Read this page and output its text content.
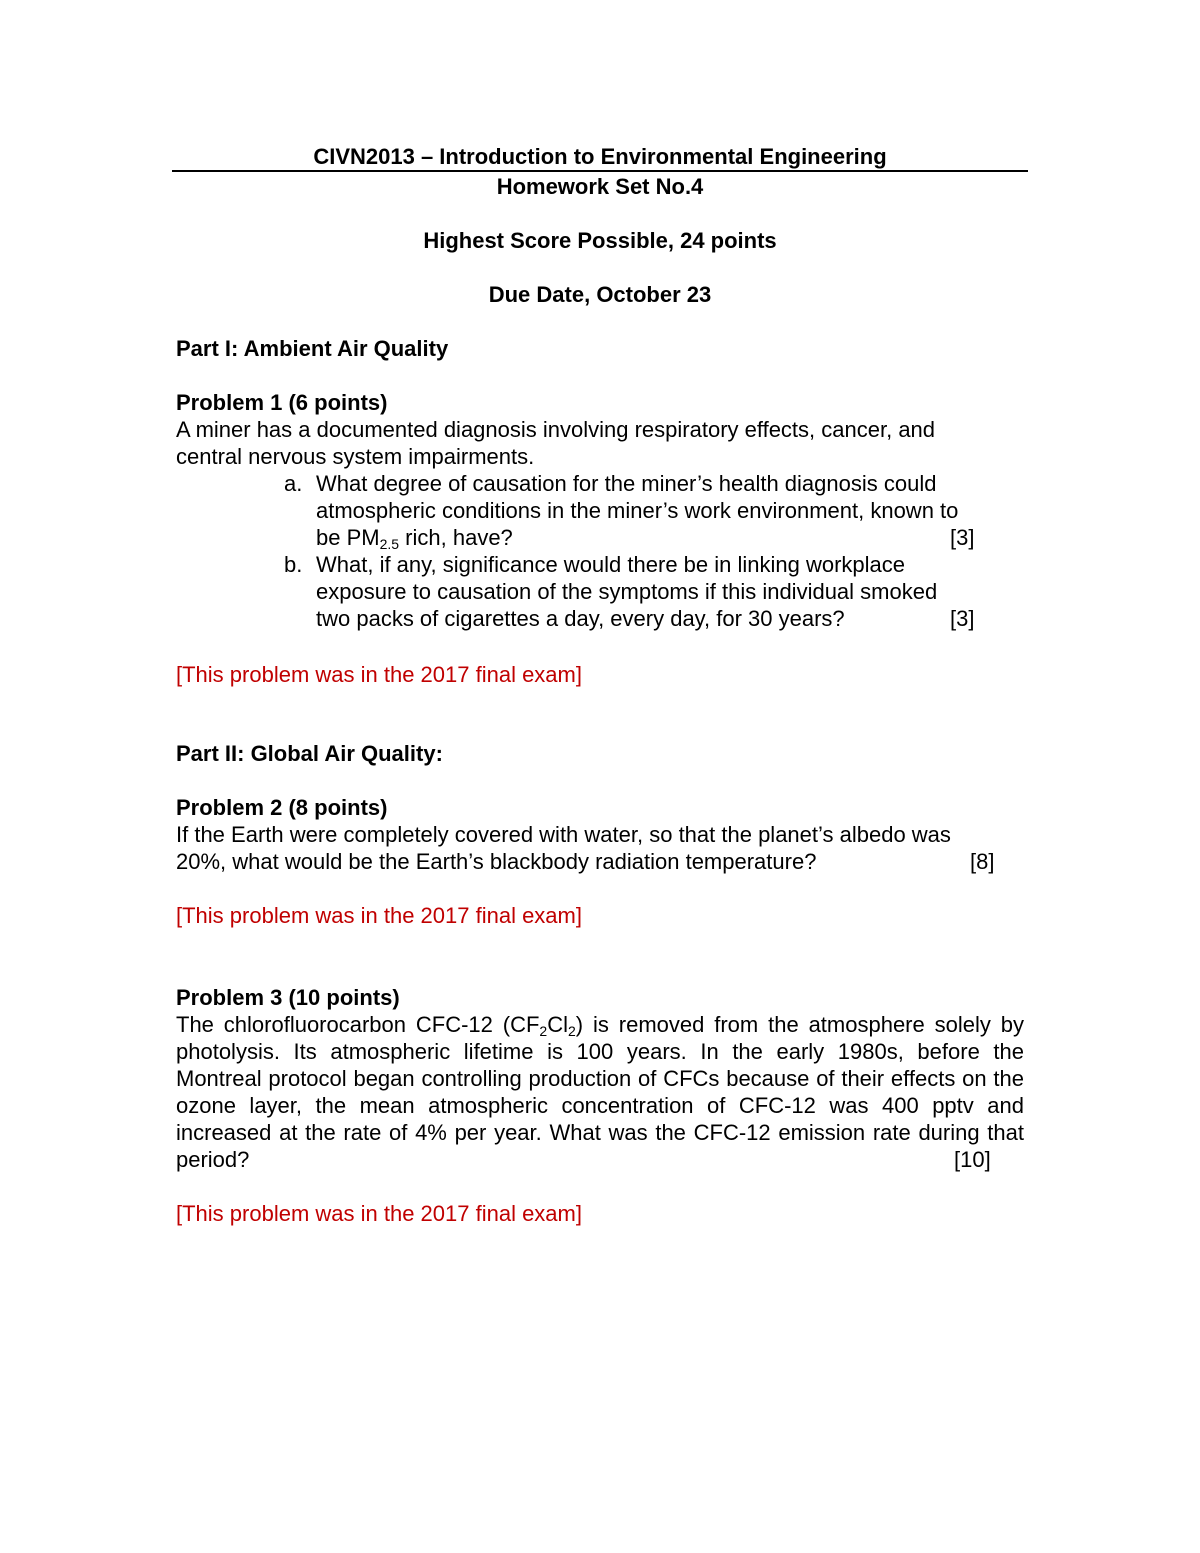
CIVN2013 – Introduction to Environmental Engineering
Homework Set No.4
Highest Score Possible, 24 points
Due Date, October 23
Part I: Ambient Air Quality
Problem 1 (6 points)
A miner has a documented diagnosis involving respiratory effects, cancer, and
central nervous system impairments.
a. What degree of causation for the miner’s health diagnosis could
atmospheric conditions in the miner’s work environment, known to
be $PM_{2.5}$ rich, have?	[3]
b. What, if any, significance would there be in linking workplace
exposure to causation of the symptoms if this individual smoked
two packs of cigarettes a day, every day, for 30 years?	[3]
[This problem was in the 2017 final exam]
Part II: Global Air Quality:
Problem 2 (8 points)
If the Earth were completely covered with water, so that the planet’s albedo was
20%, what would be the Earth’s blackbody radiation temperature?	[8]
[This problem was in the 2017 final exam]
Problem 3 (10 points)
The chlorofluorocarbon CFC-12 $(CF_2Cl_2)$ is removed from the atmosphere solely by photolysis. Its atmospheric lifetime is 100 years. In the early 1980s, before the Montreal protocol began controlling production of CFCs because of their effects on the ozone layer, the mean atmospheric concentration of CFC-12 was 400 pptv and increased at the rate of 4% per year. What was the CFC-12 emission rate during that period?	[10]
[This problem was in the 2017 final exam]
